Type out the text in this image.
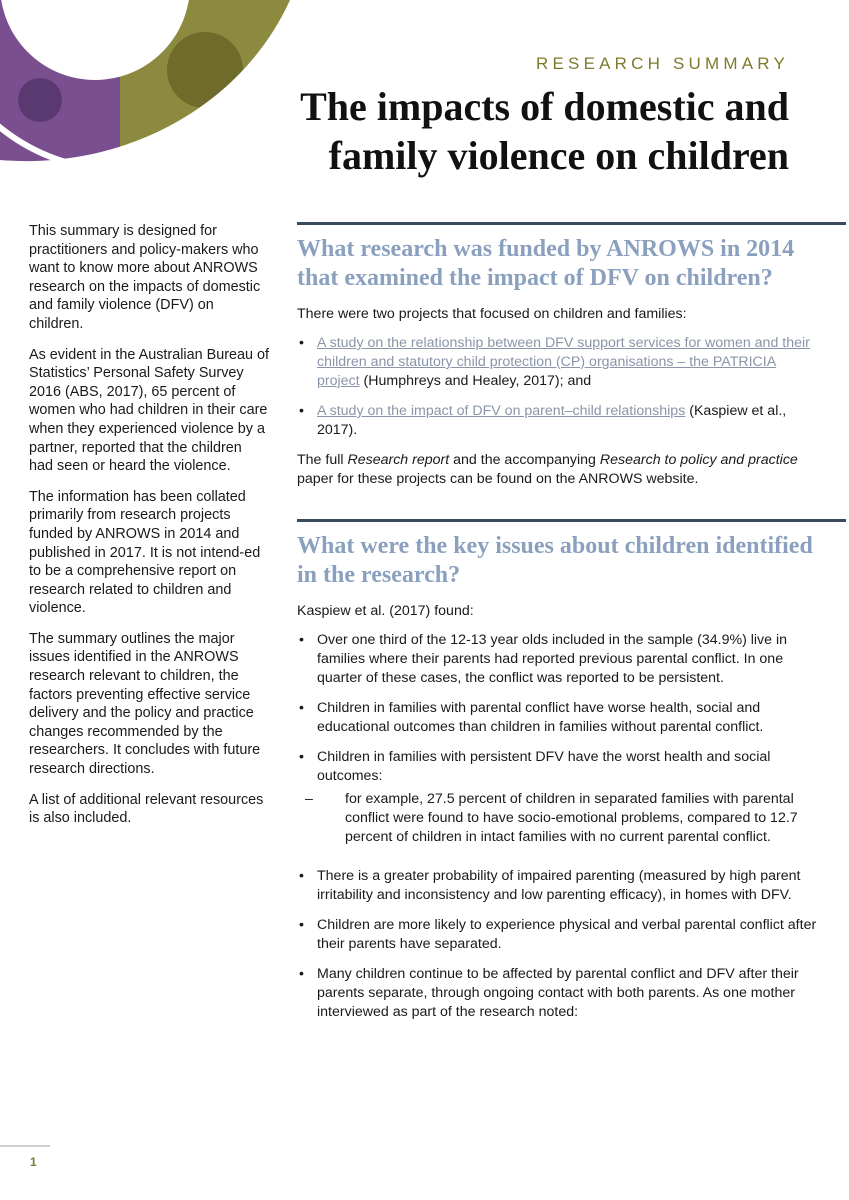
RESEARCH SUMMARY
The impacts of domestic and
family violence on children

This summary is designed for practitioners and policy-makers who want to know more about ANROWS research on the impacts of domestic and family violence (DFV) on children.

As evident in the Australian Bureau of Statistics’ Personal Safety Survey 2016 (ABS, 2017), 65 percent of women who had children in their care when they experienced violence by a partner, reported that the children had seen or heard the violence.

The information has been collated primarily from research projects funded by ANROWS in 2014 and published in 2017. It is not intend-ed to be a comprehensive report on research related to children and violence.

The summary outlines the major issues identified in the ANROWS research relevant to children, the factors preventing effective service delivery and the policy and practice changes recommended by the researchers. It concludes with future research directions.

A list of additional relevant resources is also included.

What research was funded by ANROWS in 2014 that examined the impact of DFV on children?

There were two projects that focused on children and families:

• A study on the relationship between DFV support services for women and their children and statutory child protection (CP) organisations – the PATRICIA project (Humphreys and Healey, 2017); and
• A study on the impact of DFV on parent–child relationships (Kaspiew et al., 2017).

The full Research report and the accompanying Research to policy and practice paper for these projects can be found on the ANROWS website.

What were the key issues about children identified in the research?

Kaspiew et al. (2017) found:

• Over one third of the 12-13 year olds included in the sample (34.9%) live in families where their parents had reported previous parental conflict. In one quarter of these cases, the conflict was reported to be persistent.
• Children in families with parental conflict have worse health, social and educational outcomes than children in families without parental conflict.
• Children in families with persistent DFV have the worst health and social outcomes:
– for example, 27.5 percent of children in separated families with parental conflict were found to have socio-emotional problems, compared to 12.7 percent of children in intact families with no current parental conflict.
• There is a greater probability of impaired parenting (measured by high parent irritability and inconsistency and low parenting efficacy), in homes with DFV.
• Children are more likely to experience physical and verbal parental conflict after their parents have separated.
• Many children continue to be affected by parental conflict and DFV after their parents separate, through ongoing contact with both parents. As one mother interviewed as part of the research noted:
1
